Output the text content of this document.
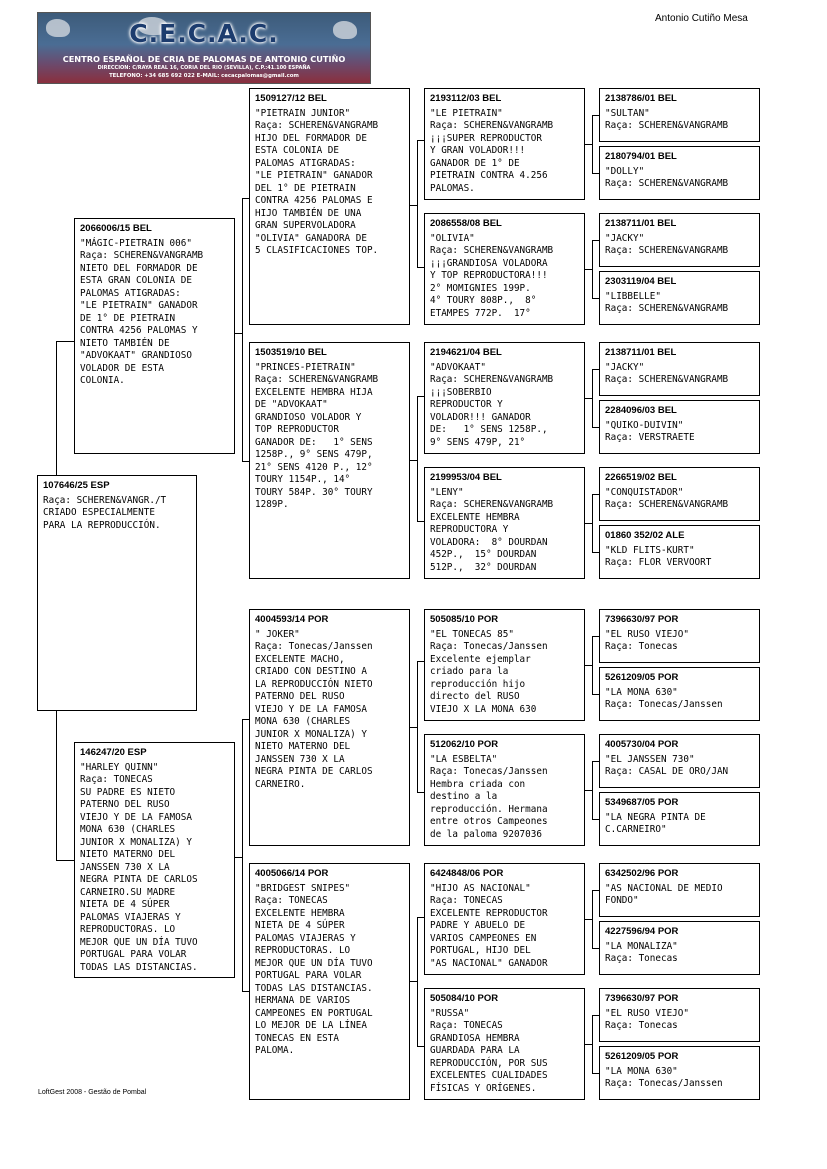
C.E.C.A.C.
CENTRO ESPAÑOL DE CRIA DE PALOMAS DE ANTONIO CUTIÑO
DIRECCION: C/RAYA REAL 16, CORIA DEL RIO (SEVILLA), C.P.:41.100 ESPAÑA
TELEFONO: +34 685 692 022 E-MAIL: cecacpalomas@gmail.com
Antonio Cutiño Mesa
107646/25 ESP
Raça: SCHEREN&VANGR./T
CRIADO ESPECIALMENTE
PARA LA REPRODUCCIÓN.
2066006/15 BEL
"MÁGIC-PIETRAIN 006"
Raça: SCHEREN&VANGRAMB
NIETO DEL FORMADOR DE
ESTA GRAN COLONIA DE
PALOMAS ATIGRADAS:
"LE PIETRAIN" GANADOR
DE 1° DE PIETRAIN
CONTRA 4256 PALOMAS Y
NIETO TAMBIÉN DE
"ADVOKAAT" GRANDIOSO
VOLADOR DE ESTA
COLONIA.
146247/20 ESP
"HARLEY QUINN"
Raça: TONECAS
SU PADRE ES NIETO
PATERNO DEL RUSO
VIEJO Y DE LA FAMOSA
MONA 630 (CHARLES
JUNIOR X MONALIZA) Y
NIETO MATERNO DEL
JANSSEN 730 X LA
NEGRA PINTA DE CARLOS
CARNEIRO.SU MADRE
NIETA DE 4 SÚPER
PALOMAS VIAJERAS Y
REPRODUCTORAS. LO
MEJOR QUE UN DÍA TUVO
PORTUGAL PARA VOLAR
TODAS LAS DISTANCIAS.
1509127/12 BEL
"PIETRAIN JUNIOR"
Raça: SCHEREN&VANGRAMB
HIJO DEL FORMADOR DE
ESTA COLONIA DE
PALOMAS ATIGRADAS:
"LE PIETRAIN" GANADOR
DEL 1° DE PIETRAIN
CONTRA 4256 PALOMAS E
HIJO TAMBIÉN DE UNA
GRAN SUPERVOLADORA
"OLIVIA" GANADORA DE
5 CLASIFICACIONES TOP.
1503519/10 BEL
"PRINCES-PIETRAIN"
Raça: SCHEREN&VANGRAMB
EXCELENTE HEMBRA HIJA
DE "ADVOKAAT"
GRANDIOSO VOLADOR Y
TOP REPRODUCTOR
GANADOR DE:   1° SENS
1258P., 9° SENS 479P,
21° SENS 4120 P., 12°
TOURY 1154P., 14°
TOURY 584P. 30° TOURY
1289P.
4004593/14 POR
" JOKER"
Raça: Tonecas/Janssen
EXCELENTE MACHO,
CRIADO CON DESTINO A
LA REPRODUCCIÓN NIETO
PATERNO DEL RUSO
VIEJO Y DE LA FAMOSA
MONA 630 (CHARLES
JUNIOR X MONALIZA) Y
NIETO MATERNO DEL
JANSSEN 730 X LA
NEGRA PINTA DE CARLOS
CARNEIRO.
4005066/14 POR
"BRIDGEST SNIPES"
Raça: TONECAS
EXCELENTE HEMBRA
NIETA DE 4 SÚPER
PALOMAS VIAJERAS Y
REPRODUCTORAS. LO
MEJOR QUE UN DÍA TUVO
PORTUGAL PARA VOLAR
TODAS LAS DISTANCIAS.
HERMANA DE VARIOS
CAMPEONES EN PORTUGAL
LO MEJOR DE LA LÍNEA
TONECAS EN ESTA
PALOMA.
2193112/03 BEL
"LE PIETRAIN"
Raça: SCHEREN&VANGRAMB
¡¡¡SUPER REPRODUCTOR
Y GRAN VOLADOR!!!
GANADOR DE 1° DE
PIETRAIN CONTRA 4.256
PALOMAS.
2086558/08 BEL
"OLIVIA"
Raça: SCHEREN&VANGRAMB
¡¡¡GRANDIOSA VOLADORA
Y TOP REPRODUCTORA!!!
2° MOMIGNIES 199P.
4° TOURY 808P.,  8°
ETAMPES 772P.  17°
2194621/04 BEL
"ADVOKAAT"
Raça: SCHEREN&VANGRAMB
¡¡¡SOBERBIO
REPRODUCTOR Y
VOLADOR!!! GANADOR
DE:   1° SENS 1258P.,
9° SENS 479P, 21°
2199953/04 BEL
"LENY"
Raça: SCHEREN&VANGRAMB
EXCELENTE HEMBRA
REPRODUCTORA Y
VOLADORA:  8° DOURDAN
452P.,  15° DOURDAN
512P.,  32° DOURDAN
505085/10 POR
"EL TONECAS 85"
Raça: Tonecas/Janssen
Excelente ejemplar
criado para la
reproducción hijo
directo del RUSO
VIEJO X LA MONA 630
512062/10 POR
"LA ESBELTA"
Raça: Tonecas/Janssen
Hembra criada con
destino a la
reproducción. Hermana
entre otros Campeones
de la paloma 9207036
6424848/06 POR
"HIJO AS NACIONAL"
Raça: TONECAS
EXCELENTE REPRODUCTOR
PADRE Y ABUELO DE
VARIOS CAMPEONES EN
PORTUGAL, HIJO DEL
"AS NACIONAL" GANADOR
505084/10 POR
"RUSSA"
Raça: TONECAS
GRANDIOSA HEMBRA
GUARDADA PARA LA
REPRODUCCIÓN, POR SUS
EXCELENTES CUALIDADES
FÍSICAS Y ORÍGENES.
2138786/01 BEL
"SULTAN"
Raça: SCHEREN&VANGRAMB
2180794/01 BEL
"DOLLY"
Raça: SCHEREN&VANGRAMB
2138711/01 BEL
"JACKY"
Raça: SCHEREN&VANGRAMB
2303119/04 BEL
"LIBBELLE"
Raça: SCHEREN&VANGRAMB
2138711/01 BEL
"JACKY"
Raça: SCHEREN&VANGRAMB
2284096/03 BEL
"QUIKO-DUIVIN"
Raça: VERSTRAETE
2266519/02 BEL
"CONQUISTADOR"
Raça: SCHEREN&VANGRAMB
01860 352/02 ALE
"KLD FLITS-KURT"
Raça: FLOR VERVOORT
7396630/97 POR
"EL RUSO VIEJO"
Raça: Tonecas
5261209/05 POR
"LA MONA 630"
Raça: Tonecas/Janssen
4005730/04 POR
"EL JANSSEN 730"
Raça: CASAL DE ORO/JAN
5349687/05 POR
"LA NEGRA PINTA DE
C.CARNEIRO"
6342502/96 POR
"AS NACIONAL DE MEDIO
FONDO"
4227596/94 POR
"LA MONALIZA"
Raça: Tonecas
7396630/97 POR
"EL RUSO VIEJO"
Raça: Tonecas
5261209/05 POR
"LA MONA 630"
Raça: Tonecas/Janssen
LoftGest 2008 - Gestão de Pombal
